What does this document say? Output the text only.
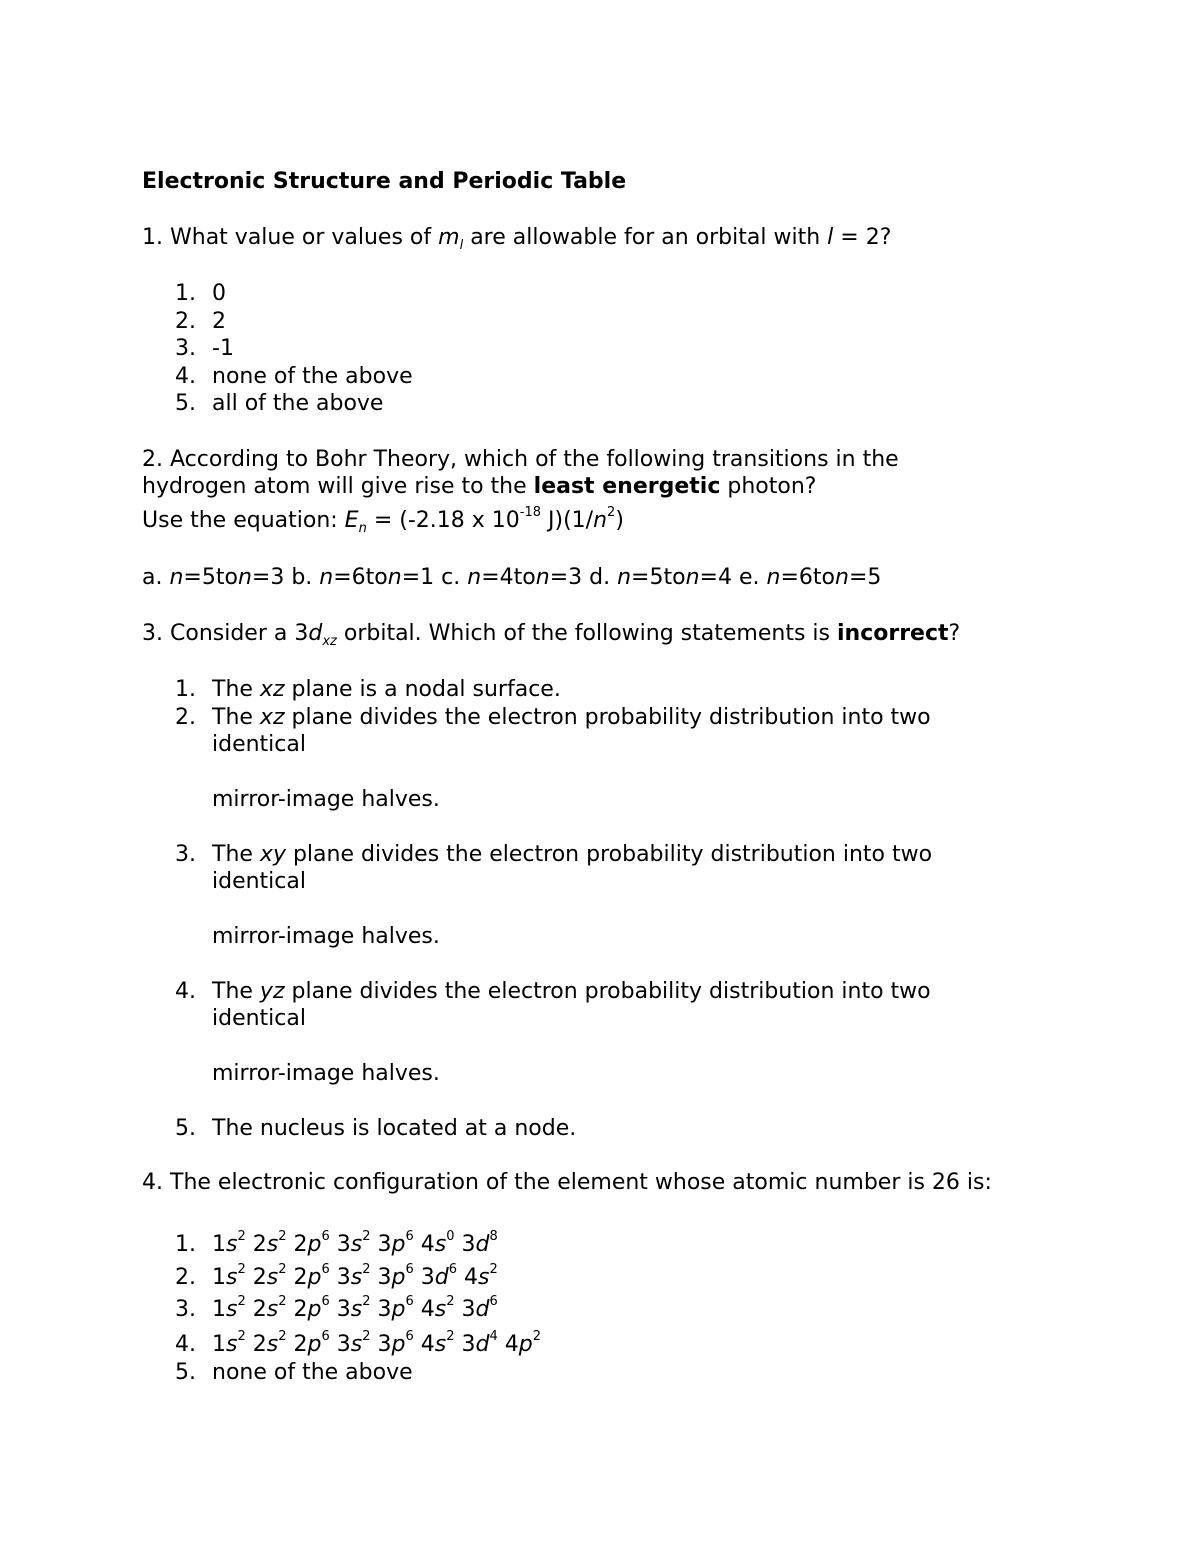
Electronic Structure and Periodic Table
1. What value or values of $m_l$ are allowable for an orbital with l = 2?
1. 0
2. 2
3. -1
4. none of the above
5. all of the above
2. According to Bohr Theory, which of the following transitions in the
hydrogen atom will give rise to the least energetic photon?
Use the equation: $E_n = (-2.18$ x $10^{-18}$ $J)(1/n^2)$
a. n=5ton=3 b. n=6ton=1 c. n=4ton=3 d. n=5ton=4 e. n=6ton=5
3. Consider a $3d_{xz}$ orbital. Which of the following statements is incorrect?
1. The xz plane is a nodal surface.
2. The xz plane divides the electron probability distribution into two
identical
mirror-image halves.
3. The xy plane divides the electron probability distribution into two
identical
mirror-image halves.
4. The yz plane divides the electron probability distribution into two
identical
mirror-image halves.
5. The nucleus is located at a node.
4. The electronic configuration of the element whose atomic number is 26 is:
1. $1s^2$ $2s^2$ $2p^6$ $3s^2$ $3p^6$ $4s^0$ $3d^8$
2. $1s^2$ $2s^2$ $2p^6$ $3s^2$ $3p^6$ $3d^6$ $4s^2$
3. $1s^2$ $2s^2$ $2p^6$ $3s^2$ $3p^6$ $4s^2$ $3d^6$
4. $1s^2$ $2s^2$ $2p^6$ $3s^2$ $3p^6$ $4s^2$ $3d^4$ $4p^2$
5. none of the above
